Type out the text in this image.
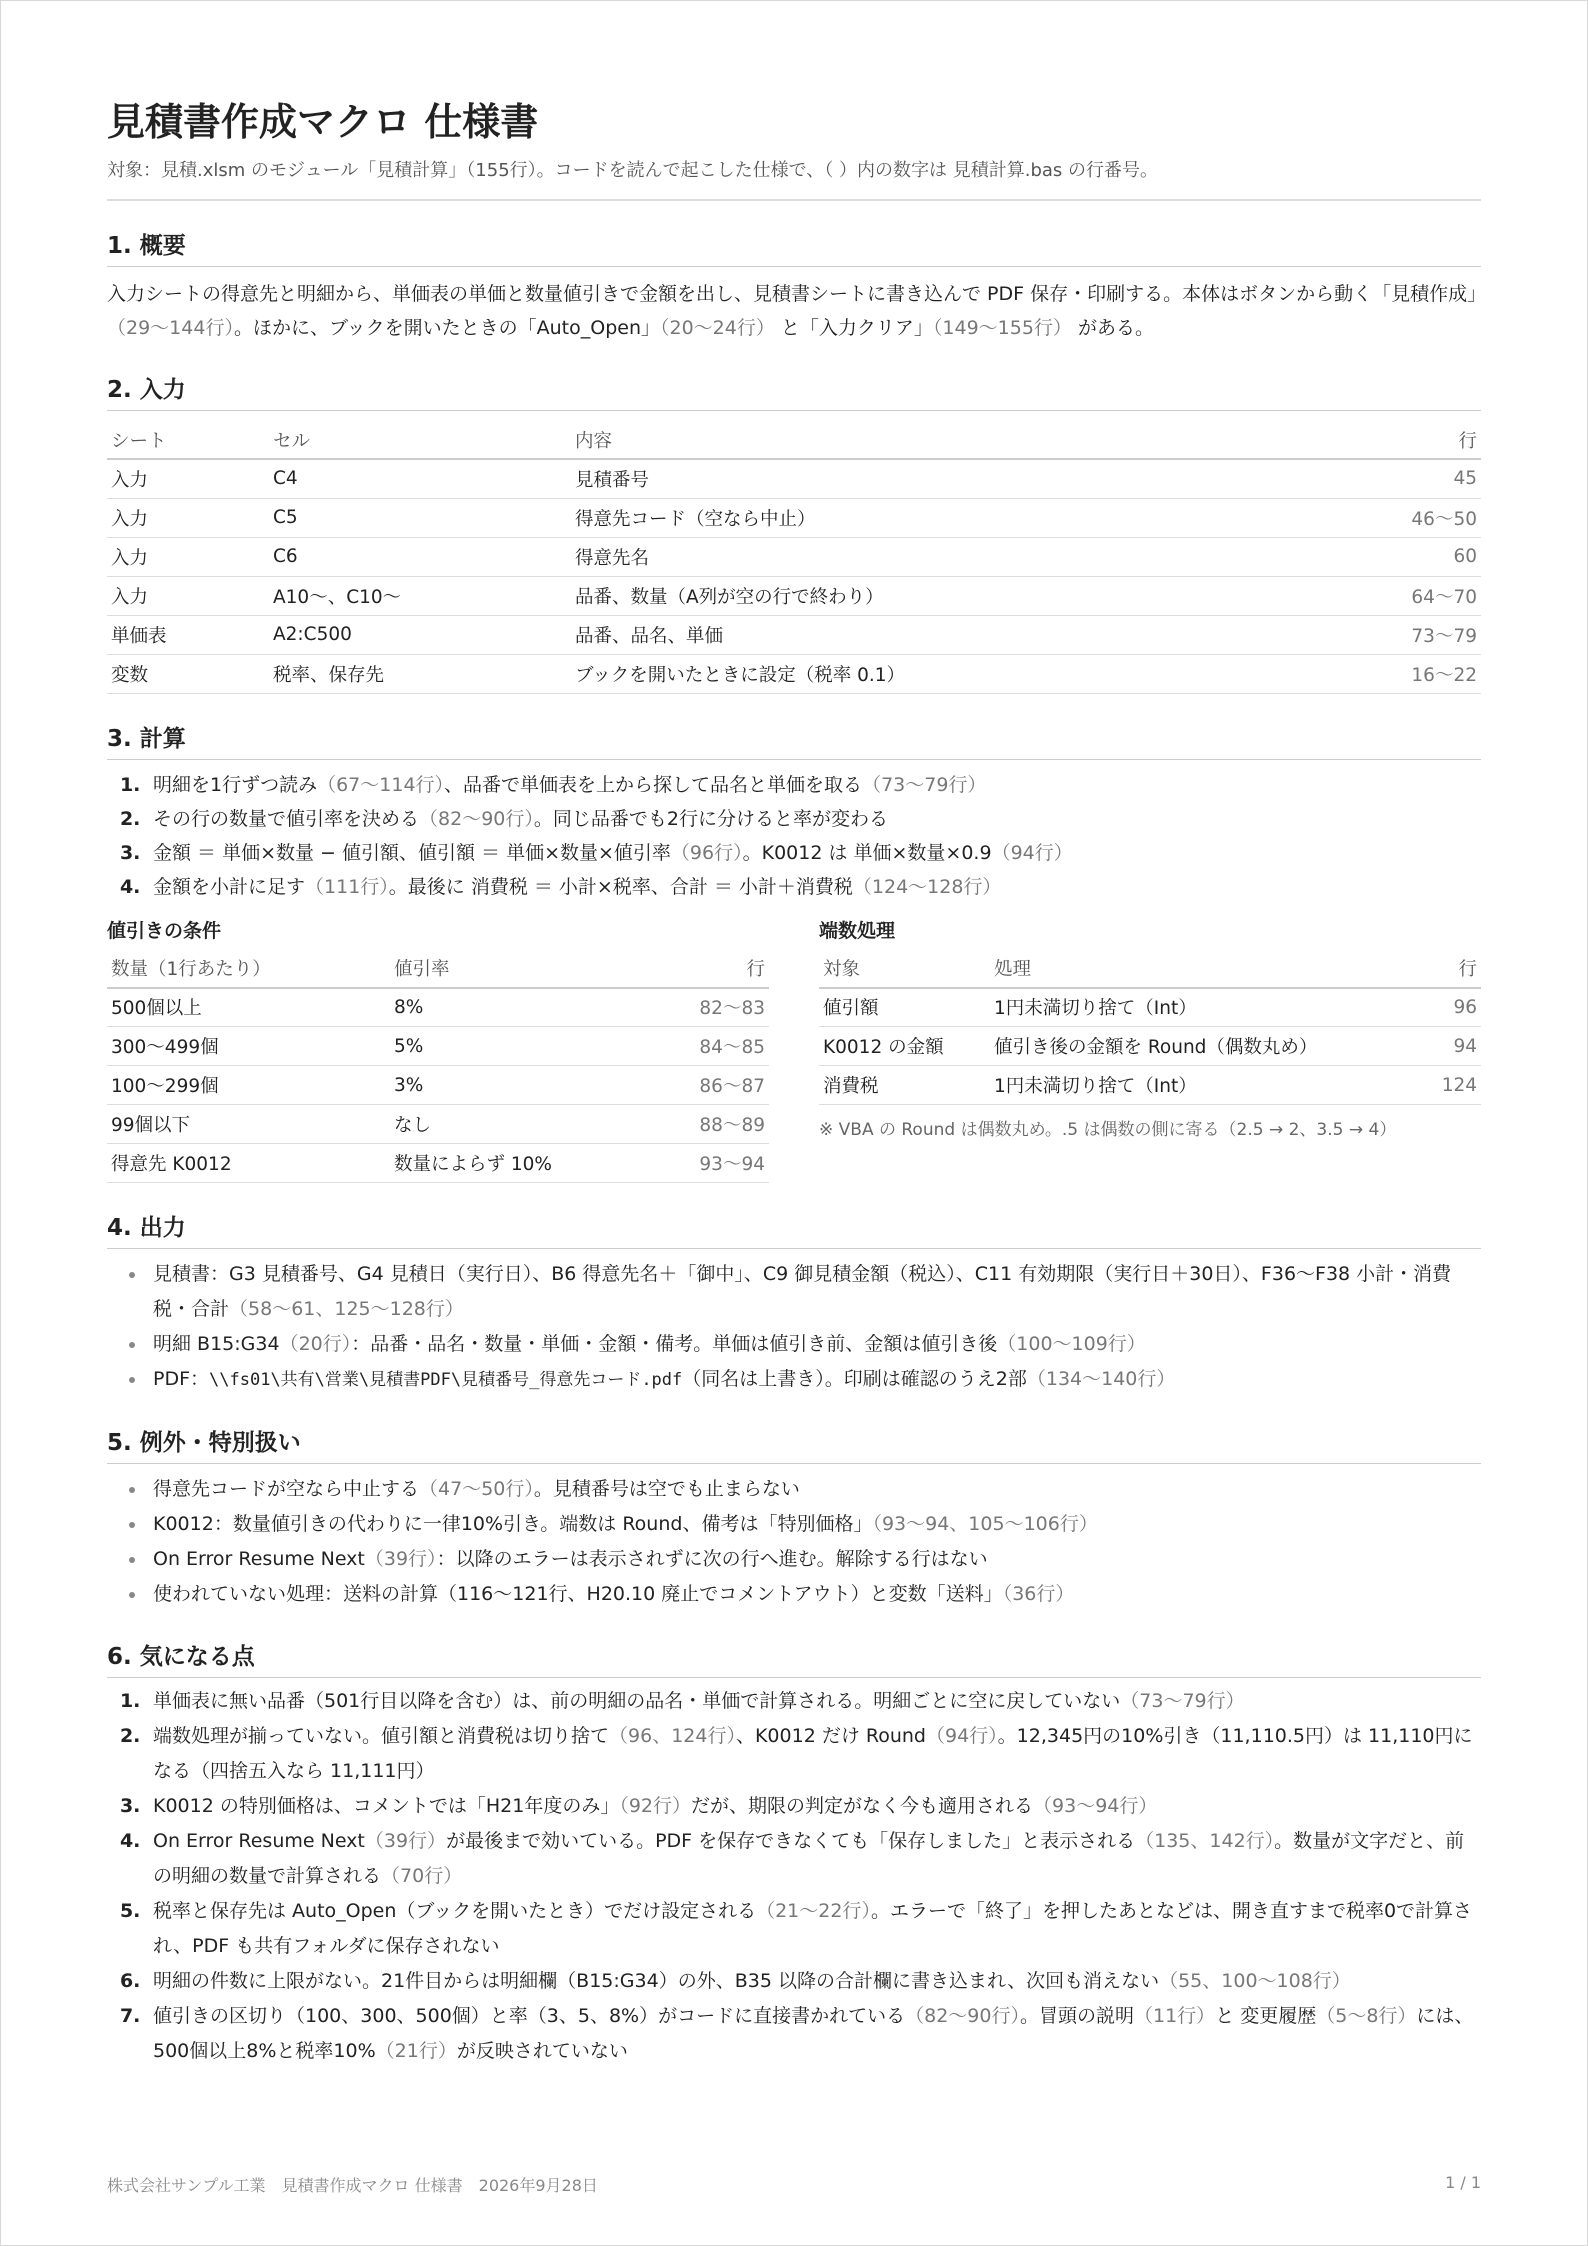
見積書作成マクロ 仕様書
対象：見積.xlsm のモジュール「見積計算」（155行）。コードを読んで起こした仕様で、（ ）内の数字は 見積計算.bas の行番号。
1. 概要

入力シートの得意先と明細から、単価表の単価と数量値引きで金額を出し、見積書シートに書き込んで PDF 保存・印刷する。本体はボタンから動く「見積作成」（29〜144行）。ほかに、ブックを開いたときの「Auto_Open」（20〜24行） と「入力クリア」（149〜155行） がある。

2. 入力
シート	セル	内容	行
入力	C4	見積番号	45
入力	C5	得意先コード（空なら中止）	46〜50
入力	C6	得意先名	60
入力	A10〜、C10〜	品番、数量（A列が空の行で終わり）	64〜70
単価表	A2:C500	品番、品名、単価	73〜79
変数	税率、保存先	ブックを開いたときに設定（税率 0.1）	16〜22
3. 計算
1. 明細を1行ずつ読み（67〜114行）、品番で単価表を上から探して品名と単価を取る（73〜79行）
2. その行の数量で値引率を決める（82〜90行）。同じ品番でも2行に分けると率が変わる
3. 金額 ＝ 単価×数量 − 値引額、値引額 ＝ 単価×数量×値引率（96行）。K0012 は 単価×数量×0.9（94行）
4. 金額を小計に足す（111行）。最後に 消費税 ＝ 小計×税率、合計 ＝ 小計＋消費税（124〜128行）
値引きの条件
数量（1行あたり）	値引率	行
500個以上	8%	82〜83
300〜499個	5%	84〜85
100〜299個	3%	86〜87
99個以下	なし	88〜89
得意先 K0012	数量によらず 10%	93〜94
端数処理
対象	処理	行
値引額	1円未満切り捨て（Int）	96
K0012 の金額	値引き後の金額を Round（偶数丸め）	94
消費税	1円未満切り捨て（Int）	124
※ VBA の Round は偶数丸め。.5 は偶数の側に寄る（2.5 → 2、3.5 → 4）
4. 出力
• 見積書：G3 見積番号、G4 見積日（実行日）、B6 得意先名＋「御中」、C9 御見積金額（税込）、C11 有効期限（実行日＋30日）、F36〜F38 小計・消費税・合計（58〜61、125〜128行）
• 明細 B15:G34（20行）：品番・品名・数量・単価・金額・備考。単価は値引き前、金額は値引き後（100〜109行）
• PDF：\\fs01\共有\営業\見積書PDF\見積番号_得意先コード.pdf（同名は上書き）。印刷は確認のうえ2部（134〜140行）
5. 例外・特別扱い
• 得意先コードが空なら中止する（47〜50行）。見積番号は空でも止まらない
• K0012：数量値引きの代わりに一律10%引き。端数は Round、備考は「特別価格」（93〜94、105〜106行）
• On Error Resume Next（39行）：以降のエラーは表示されずに次の行へ進む。解除する行はない
• 使われていない処理：送料の計算（116〜121行、H20.10 廃止でコメントアウト）と変数「送料」（36行）
6. 気になる点
1. 単価表に無い品番（501行目以降を含む）は、前の明細の品名・単価で計算される。明細ごとに空に戻していない（73〜79行）
2. 端数処理が揃っていない。値引額と消費税は切り捨て（96、124行）、K0012 だけ Round（94行）。12,345円の10%引き（11,110.5円）は 11,110円になる（四捨五入なら 11,111円）
3. K0012 の特別価格は、コメントでは「H21年度のみ」（92行）だが、期限の判定がなく今も適用される（93〜94行）
4. On Error Resume Next（39行）が最後まで効いている。PDF を保存できなくても「保存しました」と表示される（135、142行）。数量が文字だと、前の明細の数量で計算される（70行）
5. 税率と保存先は Auto_Open（ブックを開いたとき）でだけ設定される（21〜22行）。エラーで「終了」を押したあとなどは、開き直すまで税率0で計算され、PDF も共有フォルダに保存されない
6. 明細の件数に上限がない。21件目からは明細欄（B15:G34）の外、B35 以降の合計欄に書き込まれ、次回も消えない（55、100〜108行）
7. 値引きの区切り（100、300、500個）と率（3、5、8%）がコードに直接書かれている（82〜90行）。冒頭の説明（11行）と 変更履歴（5〜8行）には、500個以上8%と税率10%（21行）が反映されていない
株式会社サンプル工業　見積書作成マクロ 仕様書　2026年9月28日	1 / 1
